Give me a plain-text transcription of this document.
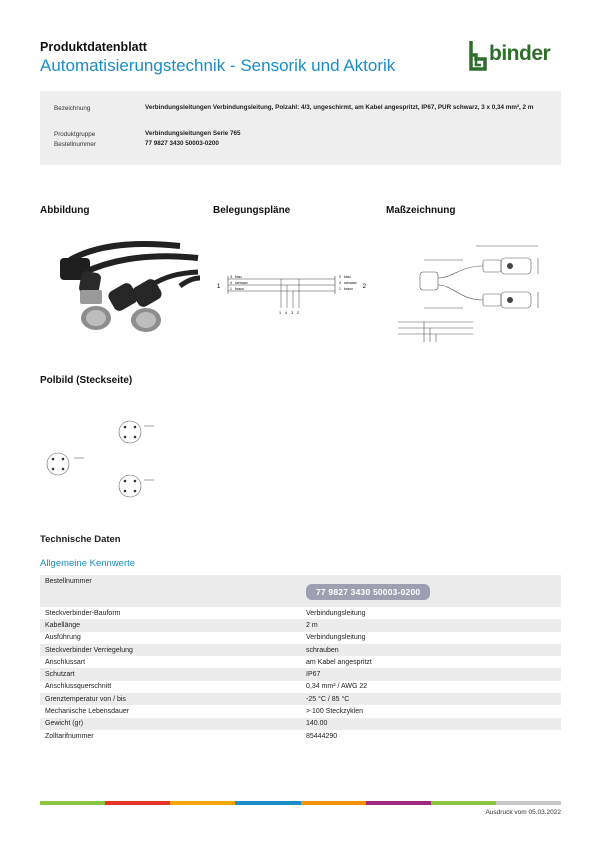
Produktdatenblatt
Automatisierungstechnik - Sensorik und Aktorik
binder
Bezeichnung	Verbindungsleitungen Verbindungsleitung, Polzahl: 4/3, ungeschirmt, am Kabel angespritzt, IP67, PUR schwarz, 3 x 0,34 mm², 2 m
Produktgruppe	Verbindungsleitungen Serie 765
Bestellnummer	77 9827 3430 50003-0200
Abbildung	Belegungspläne	Maßzeichnung
1	2
3
4
1
blau
schwarz
braun
3
4
1
blau
schwarz
braun
1 4 3 2
Polbild (Steckseite)
Technische Daten
Allgemeine Kennwerte
Bestellnummer	77 9827 3430 50003-0200
Steckverbinder-Bauform	Verbindungsleitung
Kabellänge	2 m
Ausführung	Verbindungsleitung
Steckverbinder Verriegelung	schrauben
Anschlussart	am Kabel angespritzt
Schutzart	IP67
Anschlussquerschnitt	0,34 mm² / AWG 22
Grenztemperatur von / bis	-25 °C / 85 °C
Mechanische Lebensdauer	> 100 Steckzyklen
Gewicht (gr)	140.00
Zolltarifnummer	85444290
Ausdruck vom 05.03.2022
